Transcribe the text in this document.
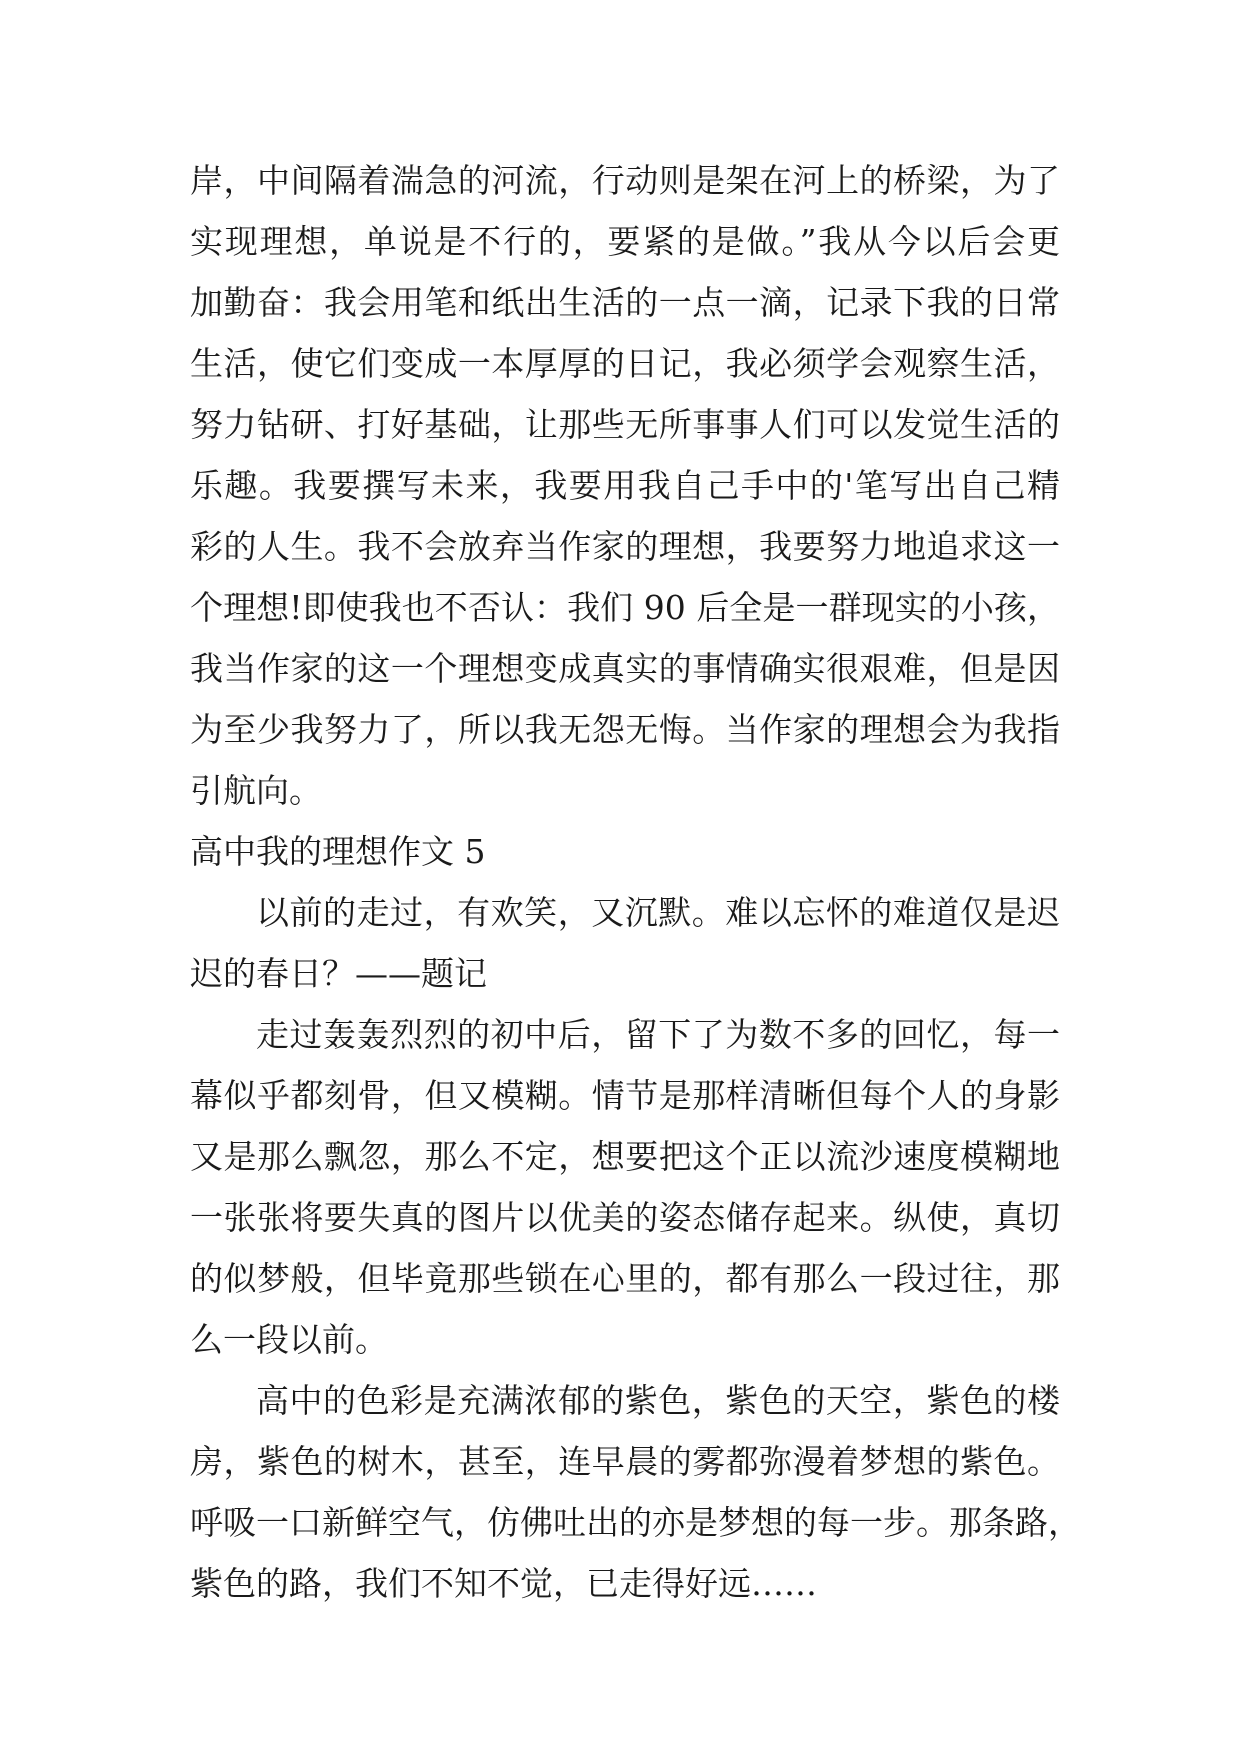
岸，中间隔着湍急的河流，行动则是架在河上的桥梁，为了
实现理想，单说是不行的，要紧的是做。”我从今以后会更
加勤奋：我会用笔和纸出生活的一点一滴，记录下我的日常
生活，使它们变成一本厚厚的日记，我必须学会观察生活，
努力钻研、打好基础，让那些无所事事人们可以发觉生活的
乐趣。我要撰写未来，我要用我自己手中的'笔写出自己精
彩的人生。我不会放弃当作家的理想，我要努力地追求这一
个理想!即使我也不否认：我们 90 后全是一群现实的小孩，
我当作家的这一个理想变成真实的事情确实很艰难，但是因
为至少我努力了，所以我无怨无悔。当作家的理想会为我指
引航向。
高中我的理想作文 5
以前的走过，有欢笑，又沉默。难以忘怀的难道仅是迟
迟的春日？——题记
走过轰轰烈烈的初中后，留下了为数不多的回忆，每一
幕似乎都刻骨，但又模糊。情节是那样清晰但每个人的身影
又是那么飘忽，那么不定，想要把这个正以流沙速度模糊地
一张张将要失真的图片以优美的姿态储存起来。纵使，真切
的似梦般，但毕竟那些锁在心里的，都有那么一段过往，那
么一段以前。
高中的色彩是充满浓郁的紫色，紫色的天空，紫色的楼
房，紫色的树木，甚至，连早晨的雾都弥漫着梦想的紫色。
呼吸一口新鲜空气，仿佛吐出的亦是梦想的每一步。那条路，
紫色的路，我们不知不觉，已走得好远……
